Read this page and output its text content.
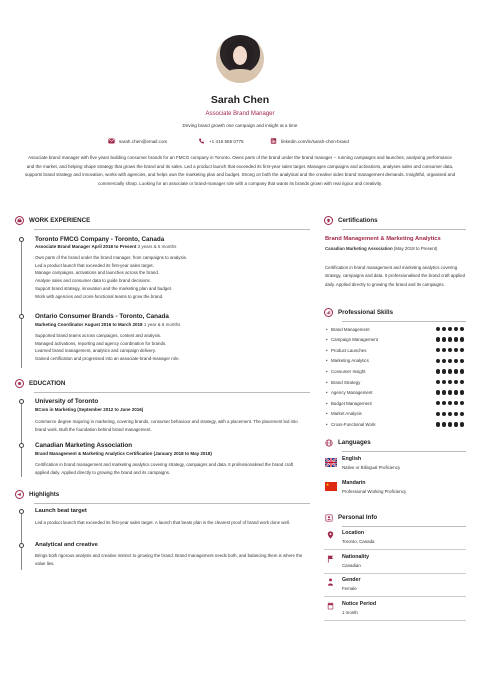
Sarah Chen
Associate Brand Manager
Driving brand growth one campaign and insight at a time
sarah.chen@email.com	+1 416 555 0775	linkedin.com/in/sarah-chen-brand
Associate brand manager with five years building consumer brands for an FMCG company in Toronto. Owns parts of the brand under the brand manager -- running campaigns and launches, analysing performance and the market, and helping shape strategy that grows the brand and its sales. Led a product launch that exceeded its first-year sales target. Manages campaigns and activations, analyses sales and consumer data, supports brand strategy and innovation, works with agencies, and helps own the marketing plan and budget. Strong on both the analytical and the creative sides brand management demands. Insightful, organised and commercially sharp. Looking for an associate or brand-manager role with a company that wants its brands grown with real rigour and creativity.
WORK EXPERIENCE
Toronto FMCG Company - Toronto, Canada
Associate Brand Manager April 2018 to Present 3 years & 5 months
Own parts of the brand under the brand manager, from campaigns to analysis.
Led a product launch that exceeded its first-year sales target.
Manage campaigns, activations and launches across the brand.
Analyse sales and consumer data to guide brand decisions.
Support brand strategy, innovation and the marketing plan and budget.
Work with agencies and cross-functional teams to grow the brand.
Ontario Consumer Brands - Toronto, Canada
Marketing Coordinator August 2016 to March 2018 1 year & 8 months
Supported brand teams across campaigns, content and analysis.
Managed activations, reporting and agency coordination for brands.
Learned brand management, analytics and campaign delivery.
Gained certification and progressed into an associate-brand-manager role.
EDUCATION
University of Toronto
BCom in Marketing (September 2012 to June 2016)
Commerce degree majoring in marketing, covering brands, consumer behaviour and strategy, with a placement. The placement led into brand work. Built the foundation behind brand management.
Canadian Marketing Association
Brand Management & Marketing Analytics Certification (January 2018 to May 2018)
Certification in brand management and marketing analytics covering strategy, campaigns and data. It professionalised the brand craft applied daily. Applied directly to growing the brand and its campaigns.
Highlights
Launch beat target
Led a product launch that exceeded its first-year sales target. A launch that beats plan is the clearest proof of brand work done well.
Analytical and creative
Brings both rigorous analysis and creative instinct to growing the brand. Brand management needs both, and balancing them is where the value lies.
Certifications
Brand Management & Marketing Analytics
Canadian Marketing Association (May 2018 to Present)
Certification in brand management and marketing analytics covering strategy, campaigns and data. It professionalised the brand craft applied daily. Applied directly to growing the brand and its campaigns.
Professional Skills
• Brand Management
• Campaign Management
• Product Launches
• Marketing Analytics
• Consumer Insight
• Brand Strategy
• Agency Management
• Budget Management
• Market Analysis
• Cross-Functional Work
Languages
English
Native or Bilingual Proficiency
Mandarin
Professional Working Proficiency
Personal Info
Location
Toronto, Canada
Nationality
Canadian
Gender
Female
Notice Period
1 month
